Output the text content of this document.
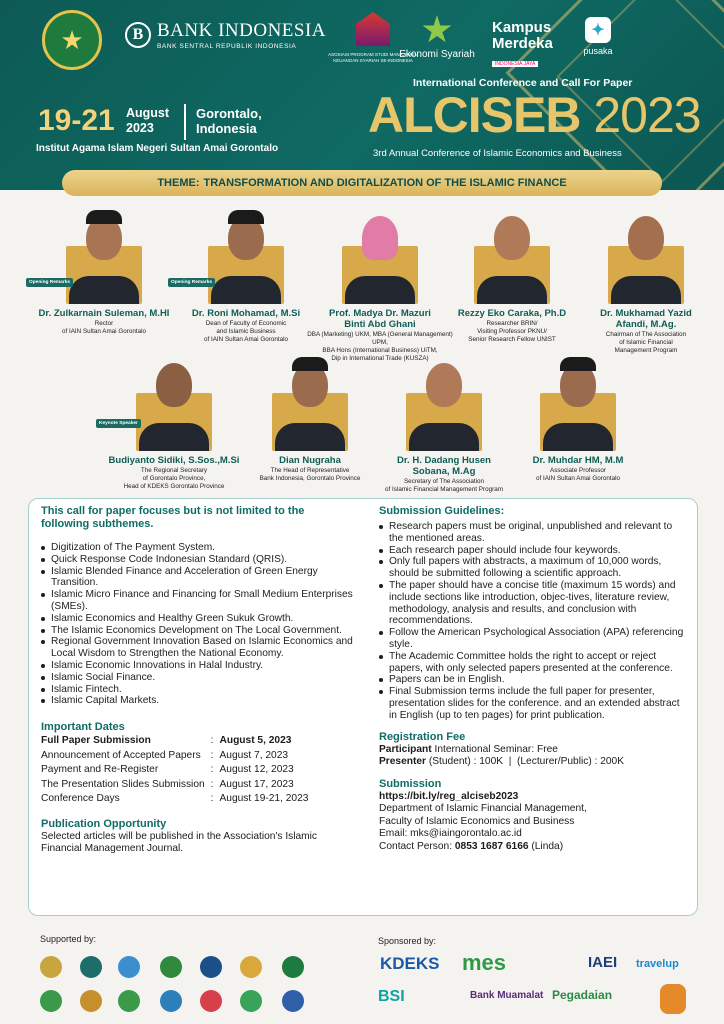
★	B BANK INDONESIA
BANK SENTRAL REPUBLIK INDONESIA
ASOSIASI PROGRAM STUDI MANAJEMEN KEUANGAN SYARIAH SE-INDONESIA
Ekonomi Syariah
Kampus Merdeka
INDONESIA JAYA
✦
pusaka
International Conference and Call For Paper
ALCISEB 2023
3rd Annual Conference of Islamic Economics and Business
19-21 August
2023
Gorontalo,
Indonesia
Institut Agama Islam Negeri Sultan Amai Gorontalo
THEME: TRANSFORMATION AND DIGITALIZATION OF THE ISLAMIC FINANCE
Dr. Zulkarnain Suleman, M.HI
Rector
of IAIN Sultan Amai Gorontalo
Opening Remarks
Dr. Roni Mohamad, M.Si
Dean of Faculty of Economic
and Islamic Business
of IAIN Sultan Amai Gorontalo
Opening Remarks
Prof. Madya Dr. Mazuri
Binti Abd Ghani
DBA (Marketing) UKM, MBA (General Management) UPM,
BBA Hons (International Business) UiTM,
Dip in International Trade (KUSZA)
Rezzy Eko Caraka, Ph.D
Researcher BRIN/
Visiting Professor PKNU/
Senior Research Fellow UNIST
Dr. Mukhamad Yazid
Afandi, M.Ag.
Chairman of The Association
of Islamic Financial
Management Program
Budiyanto Sidiki, S.Sos.,M.Si
The Regional Secretary
of Gorontalo Province,
Head of KDEKS Gorontalo Province
Keynote Speaker
Dian Nugraha
The Head of Representative
Bank Indonesia, Gorontalo Province
Dr. H. Dadang Husen
Sobana, M.Ag
Secretary of The Association
of Islamic Financial Management Program
Dr. Muhdar HM, M.M
Associate Professor
of IAIN Sultan Amai Gorontalo
This call for paper focuses but is not limited to the following subthemes.
Digitization of The Payment System.
Quick Response Code Indonesian Standard (QRIS).
Islamic Blended Finance and Acceleration of Green Energy Transition.
Islamic Micro Finance and Financing for Small Medium Enterprises (SMEs).
Islamic Economics and Healthy Green Sukuk Growth.
The Islamic Economics Development on The Local Government.
Regional Government Innovation Based on Islamic Economics and Local Wisdom to Strengthen the National Economy.
Islamic Economic Innovations in Halal Industry.
Islamic Social Finance.
Islamic Fintech.
Islamic Capital Markets.
Important Dates
Full Paper Submission	:	August 5, 2023
Announcement of Accepted Papers	:	August 7, 2023
Payment and Re-Register	:	August 12, 2023
The Presentation Slides Submission	:	August 17, 2023
Conference Days	:	August 19-21, 2023
Publication Opportunity
Selected articles will be published in the Association's Islamic Financial Management Journal.
Submission Guidelines:
Research papers must be original, unpublished and relevant to the mentioned areas.
Each research paper should include four keywords.
Only full papers with abstracts, a maximum of 10,000 words, should be submitted following a scientific approach.
The paper should have a concise title (maximum 15 words) and include sections like introduction, objec-tives, literature review, methodology, analysis and results, and conclusion with recommendations.
Follow the American Psychological Association (APA) referencing style.
The Academic Committee holds the right to accept or reject papers, with only selected papers presented at the conference.
Papers can be in English.
Final Submission terms include the full paper for presenter, presentation slides for the conference. and an extended abstract in English (up to ten pages) for print publication.
Registration Fee
Participant International Seminar: Free
Presenter (Student) : 100K  |  (Lecturer/Public) : 200K
Submission
https://bit.ly/reg_alciseb2023
Department of Islamic Financial Management,
Faculty of Islamic Economics and Business
Email: mks@iaingorontalo.ac.id
Contact Person: 0853 1687 6166 (Linda)
Supported by:	Sponsored by:
KDEKS mes	IAEI travelup
BSI	Bank Muamalat Pegadaian
